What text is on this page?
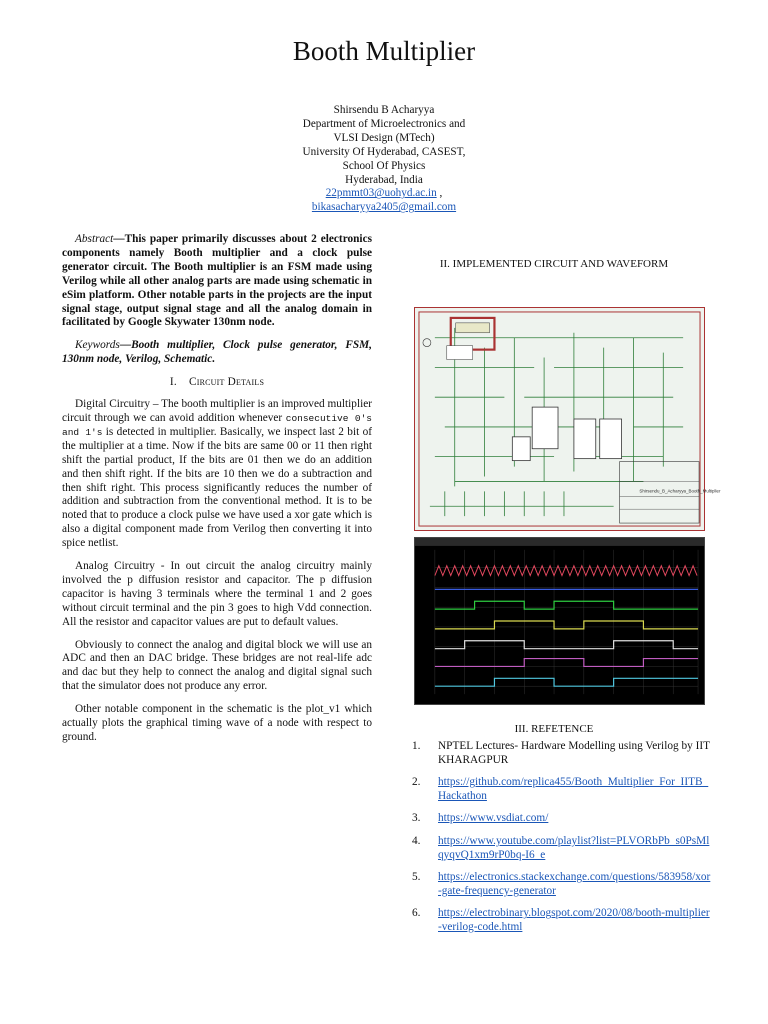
Booth Multiplier
Shirsendu B Acharyya
Department of Microelectronics and
VLSI Design (MTech)
University Of Hyderabad, CASEST,
School Of Physics
Hyderabad, India
22pmmt03@uohyd.ac.in ,
bikasacharyya2405@gmail.com

Abstract—This paper primarily discusses about 2 electronics components namely Booth multiplier and a clock pulse generator circuit. The Booth multiplier is an FSM made using Verilog while all other analog parts are made using schematic in eSim platform. Other notable parts in the projects are the input signal stage, output signal stage and all the analog domain in facilitated by Google Skywater 130nm node.

Keywords—Booth multiplier, Clock pulse generator, FSM, 130nm node, Verilog, Schematic.

I. Circuit Details

Digital Circuitry – The booth multiplier is an improved multiplier circuit through we can avoid addition whenever consecutive 0's and 1's is detected in multiplier. Basically, we inspect last 2 bit of the multiplier at a time. Now if the bits are same 00 or 11 then right shift the partial product, If the bits are 01 then we do an addition and then shift right. If the bits are 10 then we do a subtraction and then shift right. This process significantly reduces the number of addition and subtraction from the conventional method. It is to be noted that to produce a clock pulse we have used a xor gate which is also a digital component made from Verilog then converting it into spice netlist.

Analog Circuitry - In out circuit the analog circuitry mainly involved the p diffusion resistor and capacitor. The p diffusion capacitor is having 3 terminals where the terminal 1 and 2 goes without circuit terminal and the pin 3 goes to high Vdd connection. All the resistor and capacitor values are put to default values.

Obviously to connect the analog and digital block we will use an ADC and then an DAC bridge. These bridges are not real-life adc and dac but they help to connect the analog and digital signal such that the simulator does not produce any error.

Other notable component in the schematic is the plot_v1 which actually plots the graphical timing wave of a node with respect to ground.

II. IMPLEMENTED CIRCUIT AND WAVEFORM
Shirsendu_B_Acharyya_Booth_Multiplier
III. REFETENCE
1. NPTEL Lectures- Hardware Modelling using Verilog by IIT KHARAGPUR
2. https://github.com/replica455/Booth_Multiplier_For_IITB_Hackathon
3. https://www.vsdiat.com/
4. https://www.youtube.com/playlist?list=PLVORbPb_s0PsMlqyqvQ1xm9rP0bq-I6_e
5. https://electronics.stackexchange.com/questions/583958/xor-gate-frequency-generator
6. https://electrobinary.blogspot.com/2020/08/booth-multiplier-verilog-code.html
